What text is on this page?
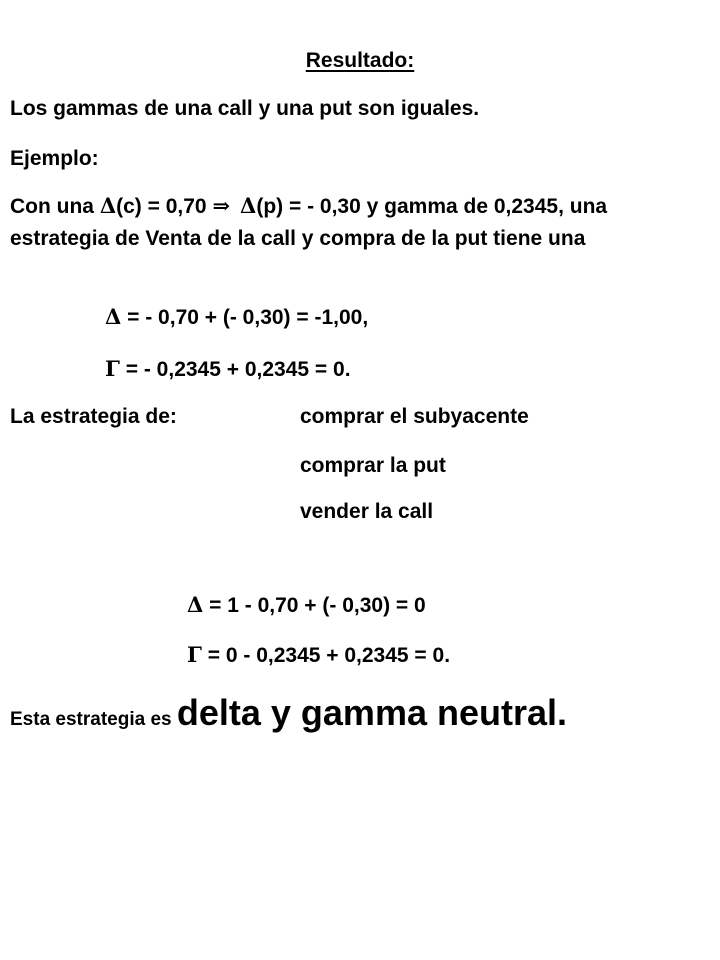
Resultado:
Los gammas de una call y una put son iguales.
Ejemplo:
Con una Δ(c) = 0,70 ⇒ Δ(p) = - 0,30 y gamma de 0,2345, una estrategia de Venta de la call y compra de la put tiene una
Δ = - 0,70 + (- 0,30) = -1,00,
Γ = - 0,2345 + 0,2345 = 0.
La estrategia de:	comprar el subyacente
comprar la put
vender la call
Δ = 1 - 0,70 + (- 0,30) = 0
Γ = 0 - 0,2345 + 0,2345 = 0.
Esta estrategia es delta y gamma neutral.
